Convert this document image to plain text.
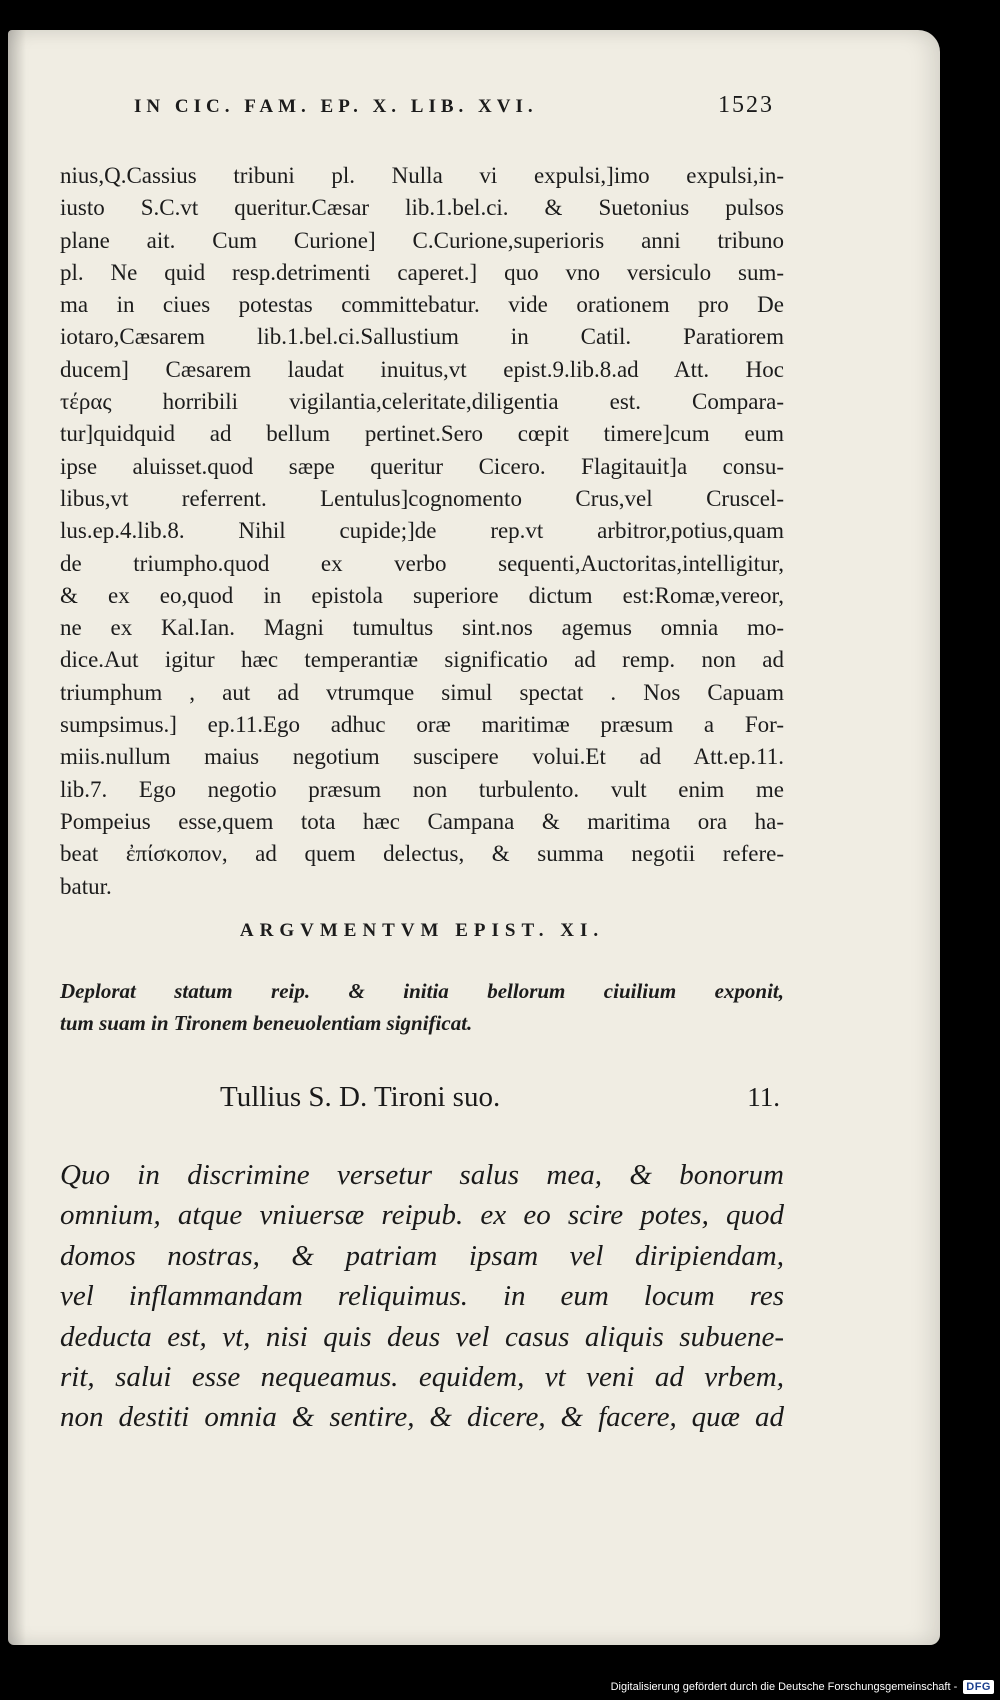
IN CIC. FAM. EP. X. LIB. XVI.	1523
nius,Q.Cassius tribuni pl. Nulla vi expulsi,]imo expulsi,in-
iusto S.C.vt queritur.Cæsar lib.1.bel.ci. & Suetonius pulsos
plane ait. Cum Curione] C.Curione,superioris anni tribuno
pl. Ne quid resp.detrimenti caperet.] quo vno versiculo sum-
ma in ciues potestas committebatur. vide orationem pro De
iotaro,Cæsarem lib.1.bel.ci.Sallustium in Catil. Paratiorem
ducem] Cæsarem laudat inuitus,vt epist.9.lib.8.ad Att. Hoc
τέρας horribili vigilantia,celeritate,diligentia est. Compara-
tur]quidquid ad bellum pertinet.Sero cœpit timere]cum eum
ipse aluisset.quod sæpe queritur Cicero. Flagitauit]a consu-
libus,vt referrent. Lentulus]cognomento Crus,vel Cruscel-
lus.ep.4.lib.8. Nihil cupide;]de rep.vt arbitror,potius,quam
de triumpho.quod ex verbo sequenti,Auctoritas,intelligitur,
& ex eo,quod in epistola superiore dictum est:Romæ,vereor,
ne ex Kal.Ian. Magni tumultus sint.nos agemus omnia mo-
dice.Aut igitur hæc temperantiæ significatio ad remp. non ad
triumphum , aut ad vtrumque simul spectat . Nos Capuam
sumpsimus.] ep.11.Ego adhuc oræ maritimæ præsum a For-
miis.nullum maius negotium suscipere volui.Et ad Att.ep.11.
lib.7. Ego negotio præsum non turbulento. vult enim me
Pompeius esse,quem tota hæc Campana & maritima ora ha-
beat ἐπίσκοπον, ad quem delectus, & summa negotii refere-
batur.
ARGVMENTVM EPIST. XI.
Deplorat statum reip. & initia bellorum ciuilium exponit,
tum suam in Tironem beneuolentiam significat.
Tullius S. D. Tironi suo.	11.
Quo in discrimine versetur salus mea, & bonorum
omnium, atque vniuersæ reipub. ex eo scire potes, quod
domos nostras, & patriam ipsam vel diripiendam,
vel inflammandam reliquimus. in eum locum res
deducta est, vt, nisi quis deus vel casus aliquis subuene-
rit, salui esse nequeamus. equidem, vt veni ad vrbem,
non destiti omnia & sentire, & dicere, & facere, quæ ad
Digitalisierung gefördert durch die Deutsche Forschungsgemeinschaft - DFG
